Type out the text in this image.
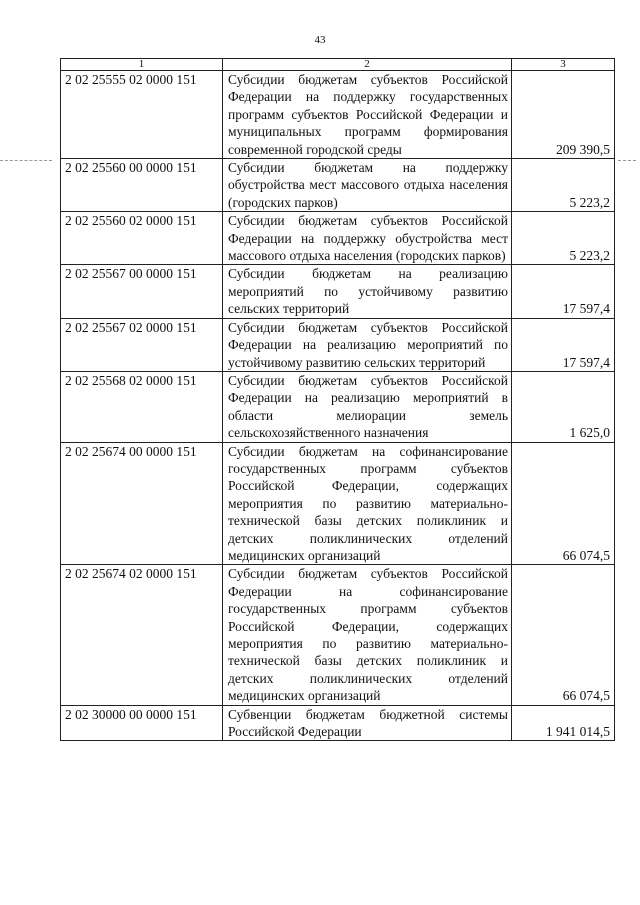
43
1	2	3
2 02 25555 02 0000 151	Субсидии бюджетам субъектов Российской Федерации на поддержку государственных программ субъектов Российской Федерации и муниципальных программ формирования современной городской среды	209 390,5
2 02 25560 00 0000 151	Субсидии бюджетам на поддержку обустройства мест массового отдыха населения (городских парков)	5 223,2
2 02 25560 02 0000 151	Субсидии бюджетам субъектов Российской Федерации на поддержку обустройства мест массового отдыха населения (городских парков)	5 223,2
2 02 25567 00 0000 151	Субсидии бюджетам на реализацию мероприятий по устойчивому развитию сельских территорий	17 597,4
2 02 25567 02 0000 151	Субсидии бюджетам субъектов Российской Федерации на реализацию мероприятий по устойчивому развитию сельских территорий	17 597,4
2 02 25568 02 0000 151	Субсидии бюджетам субъектов Российской Федерации на реализацию мероприятий в области мелиорации земель сельскохозяйственного назначения	1 625,0
2 02 25674 00 0000 151	Субсидии бюджетам на софинансирование государственных программ субъектов Российской Федерации, содержащих мероприятия по развитию материально-технической базы детских поликлиник и детских поликлинических отделений медицинских организаций	66 074,5
2 02 25674 02 0000 151	Субсидии бюджетам субъектов Российской Федерации на софинансирование государственных программ субъектов Российской Федерации, содержащих мероприятия по развитию материально-технической базы детских поликлиник и детских поликлинических отделений медицинских организаций	66 074,5
2 02 30000 00 0000 151	Субвенции бюджетам бюджетной системы Российской Федерации	1 941 014,5
